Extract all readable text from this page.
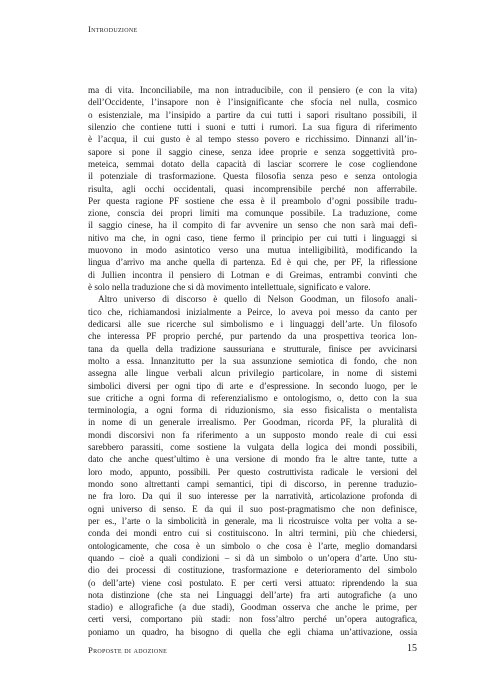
Introduzione

ma di vita. Inconciliabile, ma non intraducibile, con il pensiero (e con la vita)

dell’Occidente, l’insapore non è l’insignificante che sfocia nel nulla, cosmico

o esistenziale, ma l’insipido a partire da cui tutti i sapori risultano possibili, il

silenzio che contiene tutti i suoni e tutti i rumori. La sua figura di riferimento

è l’acqua, il cui gusto è al tempo stesso povero e ricchissimo. Dinnanzi all’in-

sapore si pone il saggio cinese, senza idee proprie e senza soggettività pro-

meteica, semmai dotato della capacità di lasciar scorrere le cose cogliendone

il potenziale di trasformazione. Questa filosofia senza peso e senza ontologia

risulta, agli occhi occidentali, quasi incomprensibile perché non afferrabile.

Per questa ragione PF sostiene che essa è il preambolo d’ogni possibile tradu-

zione, conscia dei propri limiti ma comunque possibile. La traduzione, come

il saggio cinese, ha il compito di far avvenire un senso che non sarà mai defi-

nitivo ma che, in ogni caso, tiene fermo il principio per cui tutti i linguaggi si

muovono in modo asintotico verso una mutua intelligibilità, modificando la

lingua d’arrivo ma anche quella di partenza. Ed è qui che, per PF, la riflessione

di Jullien incontra il pensiero di Lotman e di Greimas, entrambi convinti che

è solo nella traduzione che si dà movimento intellettuale, significato e valore.

Altro universo di discorso è quello di Nelson Goodman, un filosofo anali-

tico che, richiamandosi inizialmente a Peirce, lo aveva poi messo da canto per

dedicarsi alle sue ricerche sul simbolismo e i linguaggi dell’arte. Un filosofo

che interessa PF proprio perché, pur partendo da una prospettiva teorica lon-

tana da quella della tradizione saussuriana e strutturale, finisce per avvicinarsi

molto a essa. Innanzitutto per la sua assunzione semiotica di fondo, che non

assegna alle lingue verbali alcun privilegio particolare, in nome di sistemi

simbolici diversi per ogni tipo di arte e d’espressione. In secondo luogo, per le

sue critiche a ogni forma di referenzialismo e ontologismo, o, detto con la sua

terminologia, a ogni forma di riduzionismo, sia esso fisicalista o mentalista

in nome di un generale irrealismo. Per Goodman, ricorda PF, la pluralità di

mondi discorsivi non fa riferimento a un supposto mondo reale di cui essi

sarebbero parassiti, come sostiene la vulgata della logica dei mondi possibili,

dato che anche quest’ultimo è una versione di mondo fra le altre tante, tutte a

loro modo, appunto, possibili. Per questo costruttivista radicale le versioni del

mondo sono altrettanti campi semantici, tipi di discorso, in perenne traduzio-

ne fra loro. Da qui il suo interesse per la narratività, articolazione profonda di

ogni universo di senso. E da qui il suo post-pragmatismo che non definisce,

per es., l’arte o la simbolicità in generale, ma li ricostruisce volta per volta a se-

conda dei mondi entro cui si costituiscono. In altri termini, più che chiedersi,

ontologicamente, che cosa è un simbolo o che cosa è l’arte, meglio domandarsi

quando – cioè a quali condizioni – si dà un simbolo o un’opera d’arte. Uno stu-

dio dei processi di costituzione, trasformazione e deterioramento del simbolo

(o dell’arte) viene così postulato. E per certi versi attuato: riprendendo la sua

nota distinzione (che sta nei Linguaggi dell’arte) fra arti autografiche (a uno

stadio) e allografiche (a due stadi), Goodman osserva che anche le prime, per

certi versi, comportano più stadi: non foss’altro perché un’opera autografica,

poniamo un quadro, ha bisogno di quella che egli chiama un’attivazione, ossia

Proposte di adozione	15
